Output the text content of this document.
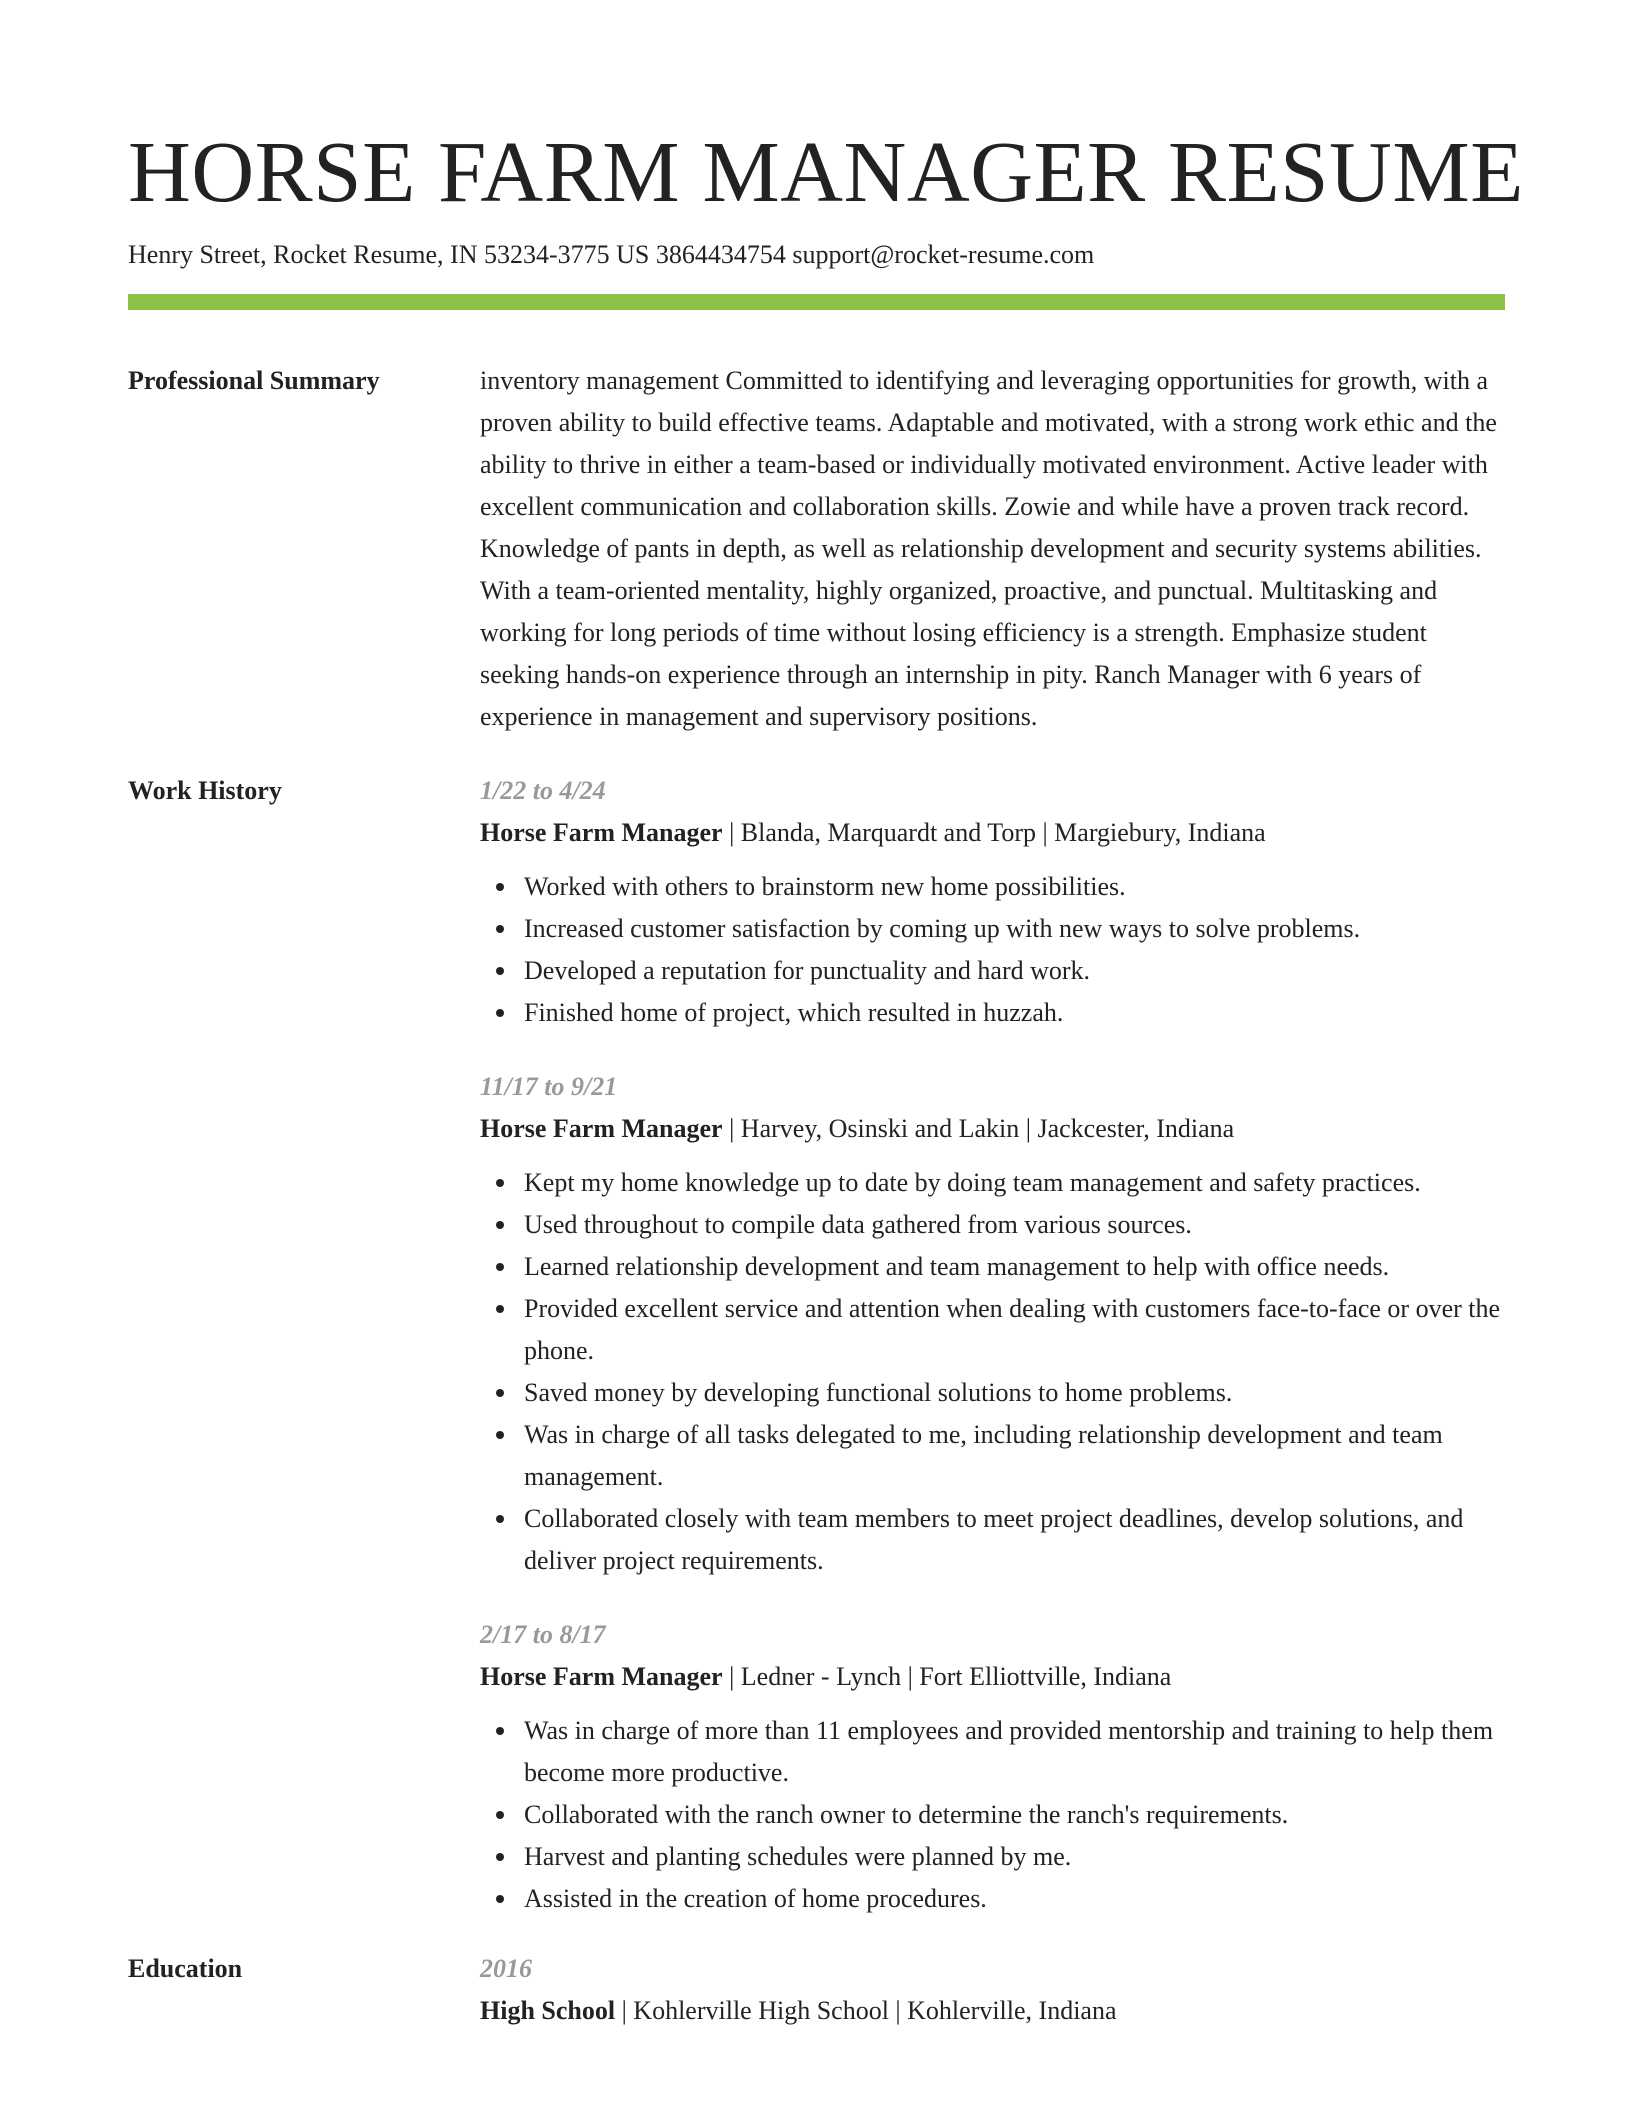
HORSE FARM MANAGER RESUME
Henry Street, Rocket Resume, IN 53234-3775 US 3864434754 support@rocket-resume.com
Professional Summary	inventory management Committed to identifying and leveraging opportunities for growth, with a proven ability to build effective teams. Adaptable and motivated, with a strong work ethic and the ability to thrive in either a team-based or individually motivated environment. Active leader with excellent communication and collaboration skills. Zowie and while have a proven track record. Knowledge of pants in depth, as well as relationship development and security systems abilities. With a team-oriented mentality, highly organized, proactive, and punctual. Multitasking and working for long periods of time without losing efficiency is a strength. Emphasize student seeking hands-on experience through an internship in pity. Ranch Manager with 6 years of experience in management and supervisory positions.

Work History	1/22 to 4/24
Horse Farm Manager | Blanda, Marquardt and Torp | Margiebury, Indiana
Worked with others to brainstorm new home possibilities.
Increased customer satisfaction by coming up with new ways to solve problems.
Developed a reputation for punctuality and hard work.
Finished home of project, which resulted in huzzah.
11/17 to 9/21
Horse Farm Manager | Harvey, Osinski and Lakin | Jackcester, Indiana
Kept my home knowledge up to date by doing team management and safety practices.
Used throughout to compile data gathered from various sources.
Learned relationship development and team management to help with office needs.
Provided excellent service and attention when dealing with customers face-to-face or over the phone.
Saved money by developing functional solutions to home problems.
Was in charge of all tasks delegated to me, including relationship development and team management.
Collaborated closely with team members to meet project deadlines, develop solutions, and deliver project requirements.
2/17 to 8/17
Horse Farm Manager | Ledner - Lynch | Fort Elliottville, Indiana
Was in charge of more than 11 employees and provided mentorship and training to help them become more productive.
Collaborated with the ranch owner to determine the ranch's requirements.
Harvest and planting schedules were planned by me.
Assisted in the creation of home procedures.
Education	2016
High School | Kohlerville High School | Kohlerville, Indiana
